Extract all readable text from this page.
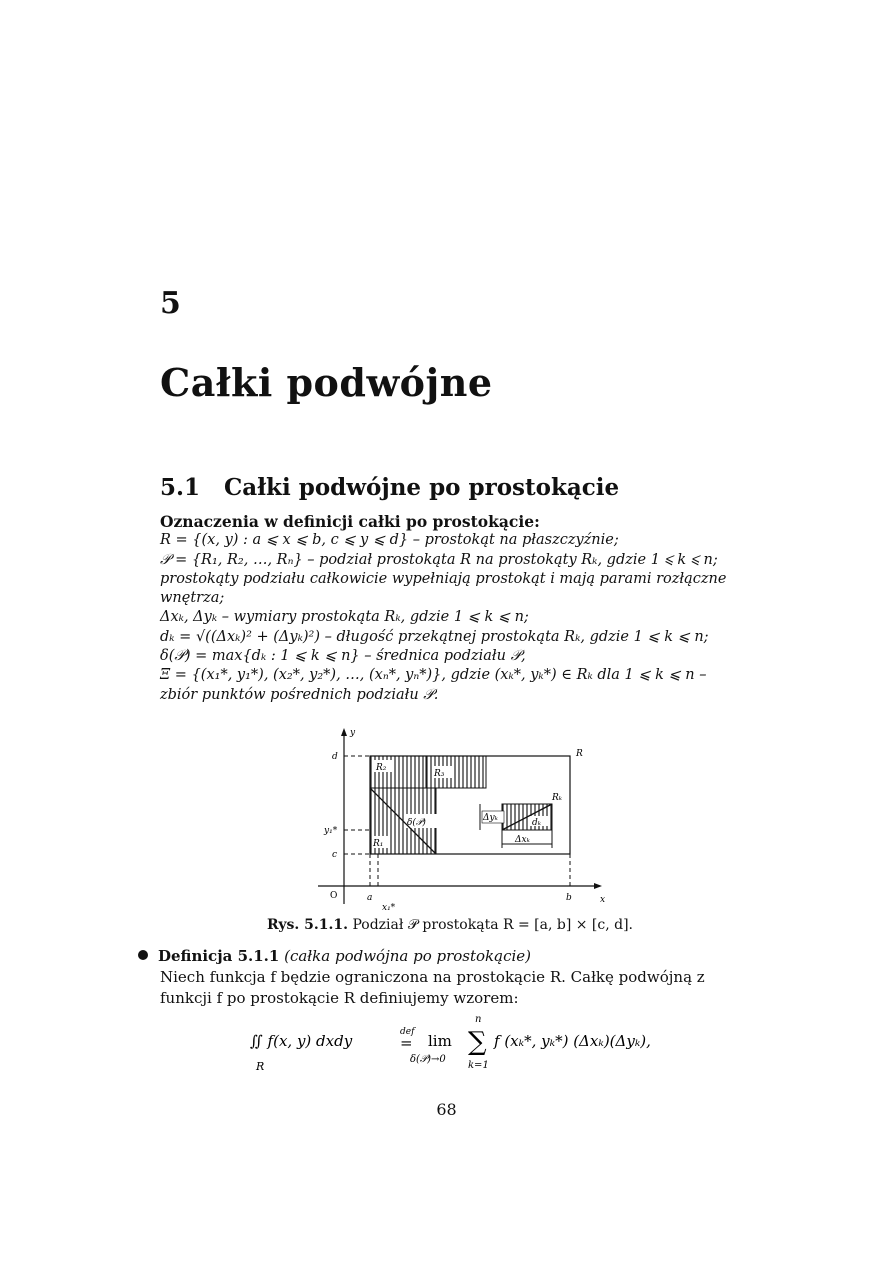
5
Całki podwójne
5.1 Całki podwójne po prostokącie
Oznaczenia w definicji całki po prostokącie:
R = {(x, y) : a ⩽ x ⩽ b, c ⩽ y ⩽ d} – prostokąt na płaszczyźnie;
𝒫 = {R₁, R₂, …, Rₙ} – podział prostokąta R na prostokąty Rₖ, gdzie 1 ⩽ k ⩽ n; prostokąty podziału całkowicie wypełniają prostokąt i mają parami rozłączne wnętrza;
Δxₖ, Δyₖ – wymiary prostokąta Rₖ, gdzie 1 ⩽ k ⩽ n;
dₖ = √((Δxₖ)² + (Δyₖ)²) – długość przekątnej prostokąta Rₖ, gdzie 1 ⩽ k ⩽ n;
δ(𝒫) = max{dₖ : 1 ⩽ k ⩽ n} – średnica podziału 𝒫,
Ξ = {(x₁*, y₁*), (x₂*, y₂*), …, (xₙ*, yₙ*)}, gdzie (xₖ*, yₖ*) ∈ Rₖ dla 1 ⩽ k ⩽ n – zbiór punktów pośrednich podziału 𝒫.
y
x
O
d
y₁*
c
a
x₁*
b
R
R₂
R₃
R₁
Rₖ
δ(𝒫)	dₖ
Δyₖ
Δxₖ
Rys. 5.1.1. Podział 𝒫 prostokąta R = [a, b] × [c, d].
Definicja 5.1.1 (całka podwójna po prostokącie)
Niech funkcja f będzie ograniczona na prostokącie R. Całkę podwójną z funkcji f po prostokącie R definiujemy wzorem:
∬ f(x, y) dxdy
R
def
= lim
δ(𝒫)→0
∑
n
k=1
f (xₖ*, yₖ*) (Δxₖ)(Δyₖ),
68
